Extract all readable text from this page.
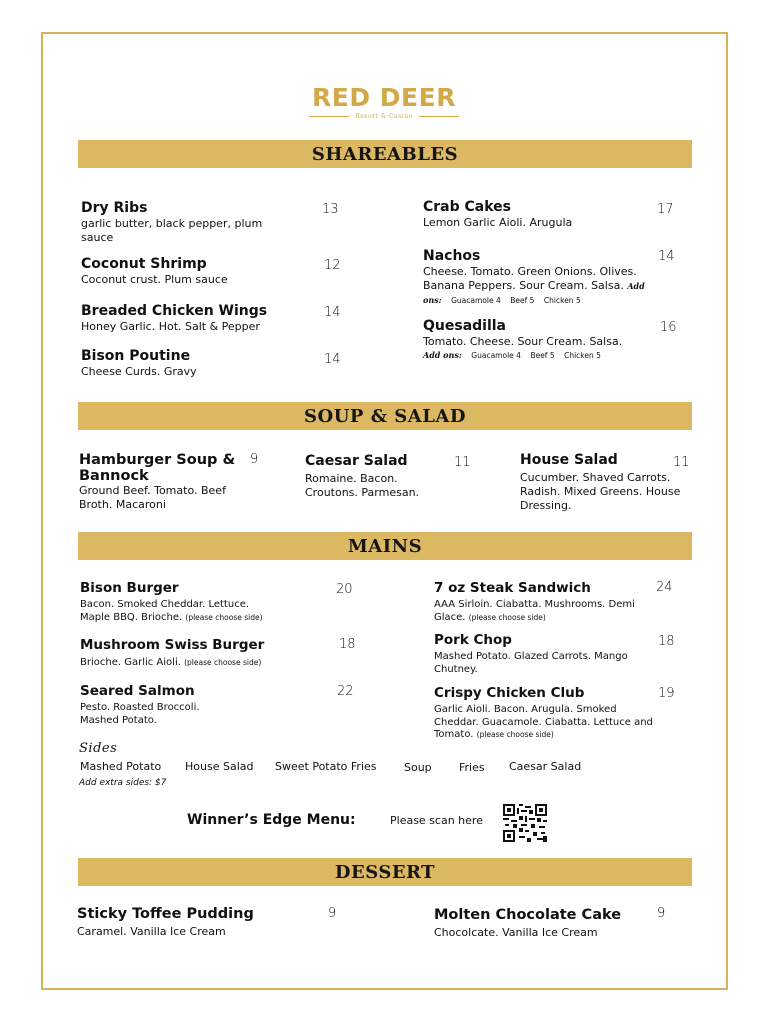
RED DEER
Resort & Casino
SHAREABLES
Dry Ribs
garlic butter, black pepper, plum sauce
13
Coconut Shrimp
Coconut crust. Plum sauce
12
Breaded Chicken Wings
Honey Garlic. Hot. Salt & Pepper
14
Bison Poutine
Cheese Curds. Gravy
14
Crab Cakes
Lemon Garlic Aioli. Arugula
17
Nachos
Cheese. Tomato. Green Onions. Olives. Banana Peppers. Sour Cream. Salsa. Add ons: Guacamole 4 Beef 5 Chicken 5
14
Quesadilla
Tomato. Cheese. Sour Cream. Salsa.
Add ons: Guacamole 4 Beef 5 Chicken 5
16
SOUP & SALAD
Hamburger Soup & Bannock
Ground Beef. Tomato. Beef Broth. Macaroni
9	Caesar Salad
Romaine. Bacon. Croutons. Parmesan.
11	House Salad
Cucumber. Shaved Carrots. Radish. Mixed Greens. House Dressing.
11
MAINS
Bison Burger
Bacon. Smoked Cheddar. Lettuce. Maple BBQ. Brioche. (please choose side)
20
Mushroom Swiss Burger
Brioche. Garlic Aioli. (please choose side)
18
Seared Salmon
Pesto. Roasted Broccoli. Mashed Potato.
22
7 oz Steak Sandwich
AAA Sirloin. Ciabatta. Mushrooms. Demi Glace. (please choose side)
24
Pork Chop
Mashed Potato. Glazed Carrots. Mango Chutney.
18
Crispy Chicken Club
Garlic Aioli. Bacon. Arugula. Smoked Cheddar. Guacamole. Ciabatta. Lettuce and Tomato. (please choose side)
19
Sides
Mashed Potato House Salad Sweet Potato Fries	Soup Fries Caesar Salad
Add extra sides: $7
Winner’s Edge Menu:	Please scan here
DESSERT
Sticky Toffee Pudding
Caramel. Vanilla Ice Cream
9	Molten Chocolate Cake
Chocolcate. Vanilla Ice Cream
9
